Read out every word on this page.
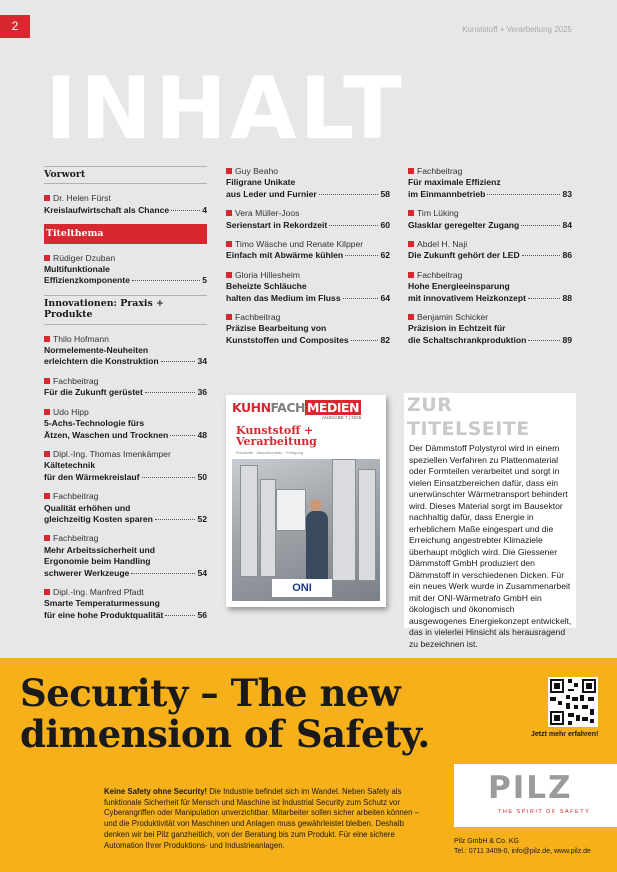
2	Kunststoff + Verarbeitung 2025
INHALT
Vorwort
Dr. Helen Fürst
Kreislaufwirtschaft als Chance	4
Titelthema
Rüdiger Dzuban
Multifunktionale
Effizienzkomponente	5
Innovationen: Praxis + Produkte
Thilo Hofmann
Normelemente-Neuheiten
erleichtern die Konstruktion	34
Fachbeitrag
Für die Zukunft gerüstet	36
Udo Hipp
5-Achs-Technologie fürs
Ätzen, Waschen und Trocknen	48
Dipl.-Ing. Thomas Imenkämper
Kältetechnik
für den Wärmekreislauf	50
Fachbeitrag
Qualität erhöhen und
gleichzeitig Kosten sparen	52
Fachbeitrag
Mehr Arbeitssicherheit und
Ergonomie beim Handling
schwerer Werkzeuge	54
Dipl.-Ing. Manfred Pfadt
Smarte Temperaturmessung
für eine hohe Produktqualität	56
Guy Beaho
Filigrane Unikate
aus Leder und Furnier	58
Vera Müller-Joos
Serienstart in Rekordzeit	60
Timo Wäsche und Renate Kilpper
Einfach mit Abwärme kühlen	62
Gloria Hillesheim
Beheizte Schläuche
halten das Medium im Fluss	64
Fachbeitrag
Präzise Bearbeitung von
Kunststoffen und Composites	82
Fachbeitrag
Für maximale Effizienz
im Einmannbetrieb	83
Tim Lüking
Glasklar geregelter Zugang	84
Abdel H. Naji
Die Zukunft gehört der LED	86
Fachbeitrag
Hohe Energieeinsparung
mit innovativem Heizkonzept	88
Benjamin Schicker
Präzision in Echtzeit für
die Schaltschrankproduktion	89
KUHNFACH MEDIEN
AUSGABE 7 | 2025
Kunststoff +
Verarbeitung
Rohstoffe · Maschinenbau · Fertigung
ONI
ZUR TITELSEITE
Der Dämmstoff Polystyrol wird in einem speziellen Verfahren zu Plattenmaterial oder Formteilen verarbeitet und sorgt in vielen Einsatzbereichen dafür, dass ein unerwünschter Wärmetransport behindert wird. Dieses Material sorgt im Bausektor nachhaltig dafür, dass Energie in erheblichem Maße eingespart und die Erreichung angestrebter Klimaziele überhaupt möglich wird. Die Giessener Dämmstoff GmbH produziert den Dämmstoff in verschiedenen Dicken. Für ein neues Werk wurde in Zusammenarbeit mit der ONI-Wärmetrafo GmbH ein ökologisch und ökonomisch ausgewogenes Energiekonzept entwickelt, das in vielerlei Hinsicht als herausragend zu bezeichnen ist.
Security – The new
dimension of Safety.
Keine Safety ohne Security! Die Industrie befindet sich im Wandel. Neben Safety als funktionale Sicherheit für Mensch und Maschine ist Industrial Security zum Schutz vor Cyberangriffen oder Manipulation unverzichtbar. Mitarbeiter sollen sicher arbeiten können – und die Produktivität von Maschinen und Anlagen muss gewährleistet bleiben. Deshalb denken wir bei Pilz ganzheitlich, von der Beratung bis zum Produkt. Für eine sichere Automation Ihrer Produktions- und Industrieanlagen.
Jetzt mehr erfahren!
PILZ
THE SPIRIT OF SAFETY
Pilz GmbH & Co. KG
Tel.: 0711 3409-0, info@pilz.de, www.pilz.de
